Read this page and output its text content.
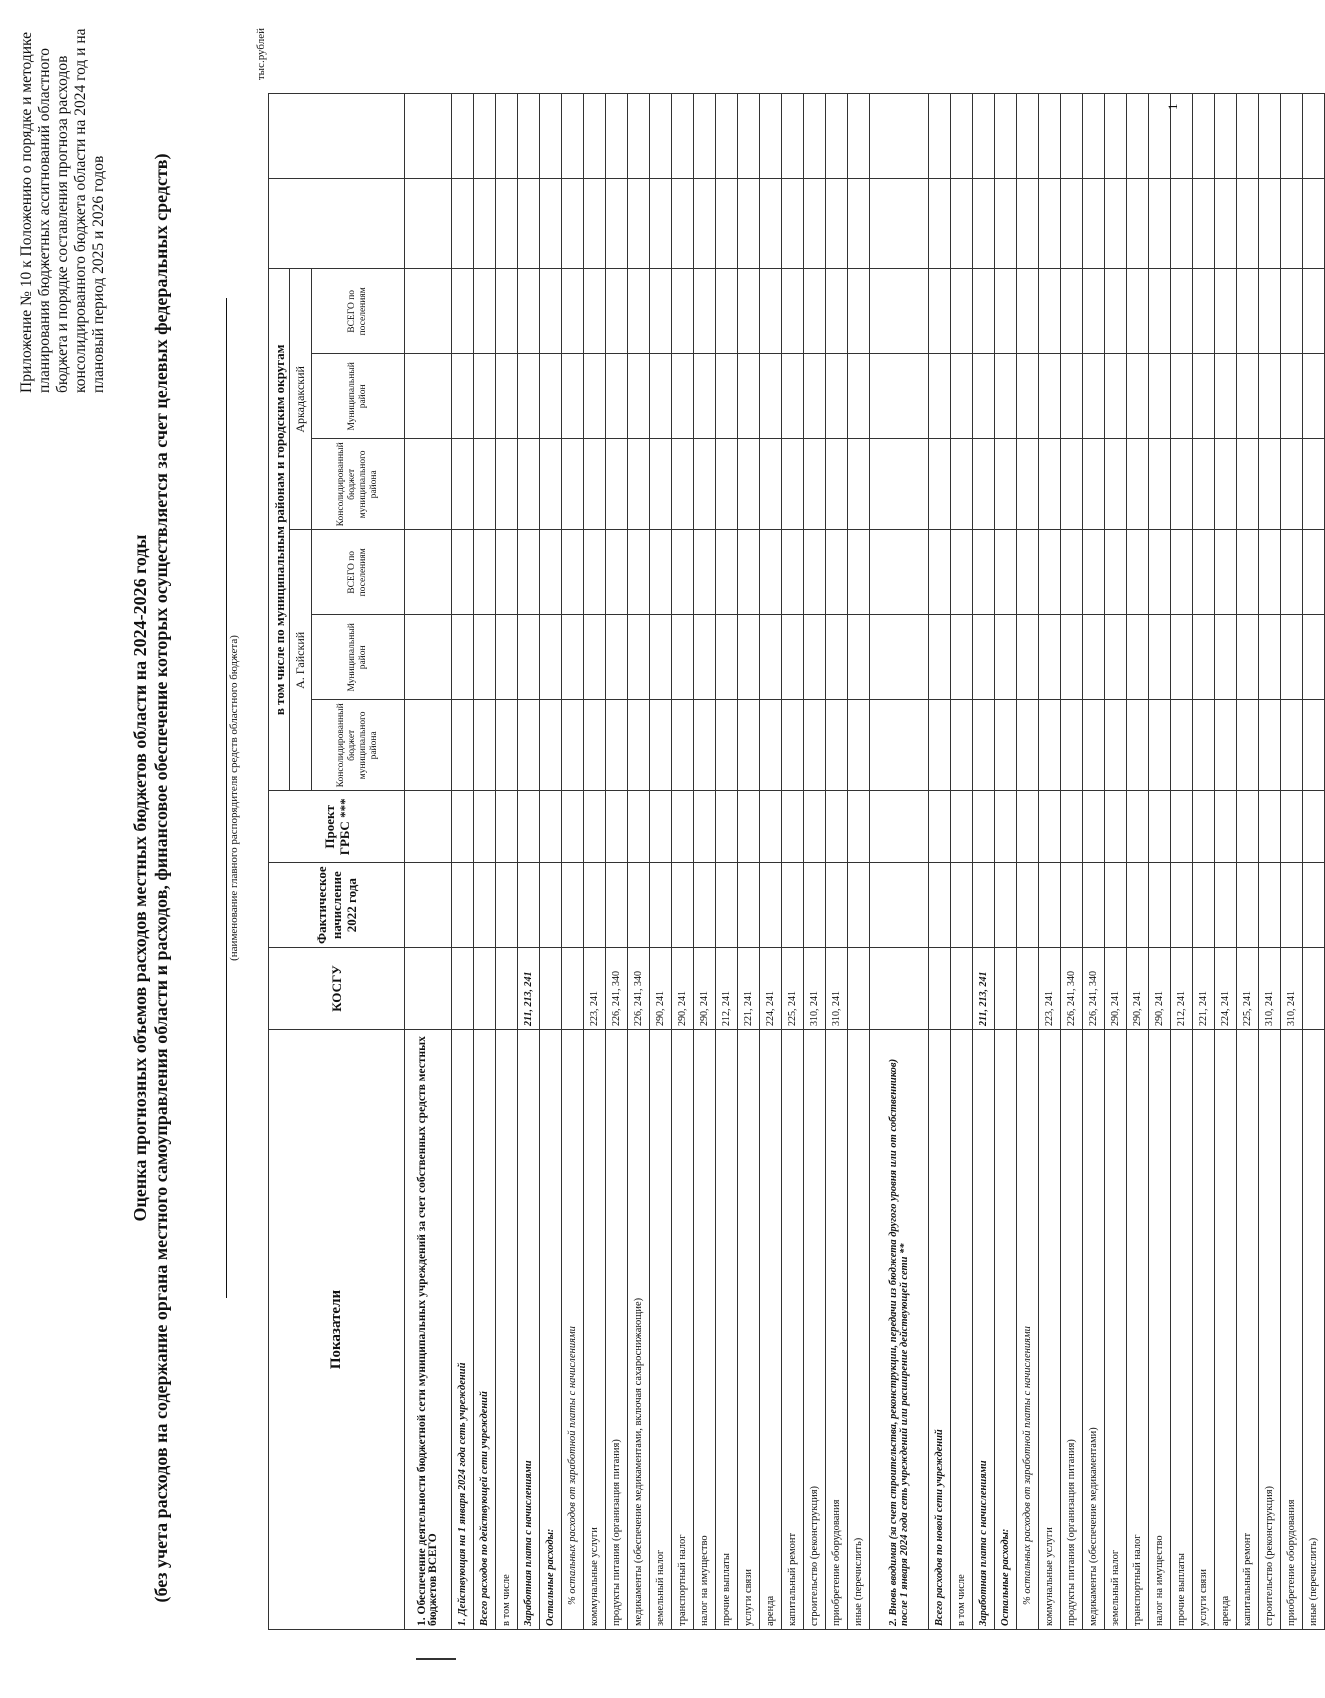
Приложение № 10 к Положению о порядке и методике планирования бюджетных ассигнований областного бюджета и порядке составления прогноза расходов консолидированного бюджета области на 2024 год и на плановый период 2025 и 2026 годов
Оценка прогнозных объемов расходов местных бюджетов области на 2024-2026 годы (без учета расходов на содержание органа местного самоуправления области и расходов, финансовое обеспечение которых осуществляется за счет целевых федеральных средств)	(наименование главного распорядителя средств областного бюджета)
тыс.рублей
Показатели	КОСГУ	Фактическое начисление 2022 года	Проект ГРБС ***	в том числе по муниципальным районам и городским округам							
				А. Гайский			Аркадакский				
				Консолидированный бюджет муниципального района	Муниципальный район	ВСЕГО по поселениям	Консолидированный бюджет муниципального района	Муниципальный район	ВСЕГО по поселениям		
1. Обеспечение деятельности бюджетной сети муниципальных учреждений за счет собственных средств местных бюджетов ВСЕГО											
1. Действующая на 1 января 2024 года сеть учреждений											
Всего расходов по действующей сети учреждений											
в том числе											
Заработная плата с начислениями	211, 213, 241										
Остальные расходы:											
% остальных расходов от заработной платы с начислениями											
коммунальные услуги	223, 241										
продукты питания (организация питания)	226, 241, 340										
медикаменты (обеспечение медикаментами, включая сахароснижающие)	226, 241, 340										
земельный налог	290, 241										
транспортный налог	290, 241										
налог на имущество	290, 241										
прочие выплаты	212, 241										
услуги связи	221, 241										
аренда	224, 241										
капитальный ремонт	225, 241										
строительство (реконструкция)	310, 241										
приобретение оборудования	310, 241										
иные (перечислить)											
2. Вновь вводимая (за счет строительства, реконструкции, передачи из бюджета другого уровня или от собственников) после 1 января 2024 года сеть учреждений или расширение действующей сети **											
Всего расходов по новой сети учреждений											
в том числе											
Заработная плата с начислениями	211, 213, 241										
Остальные расходы:											
% остальных расходов от заработной платы с начислениями											
коммунальные услуги	223, 241										
продукты питания (организация питания)	226, 241, 340										
медикаменты (обеспечение медикаментами)	226, 241, 340										
земельный налог	290, 241										
транспортный налог	290, 241										
налог на имущество	290, 241										
прочие выплаты	212, 241										
услуги связи	221, 241										
аренда	224, 241										
капитальный ремонт	225, 241										
строительство (реконструкция)	310, 241										
приобретение оборудования	310, 241										
иные (перечислить)											
1
